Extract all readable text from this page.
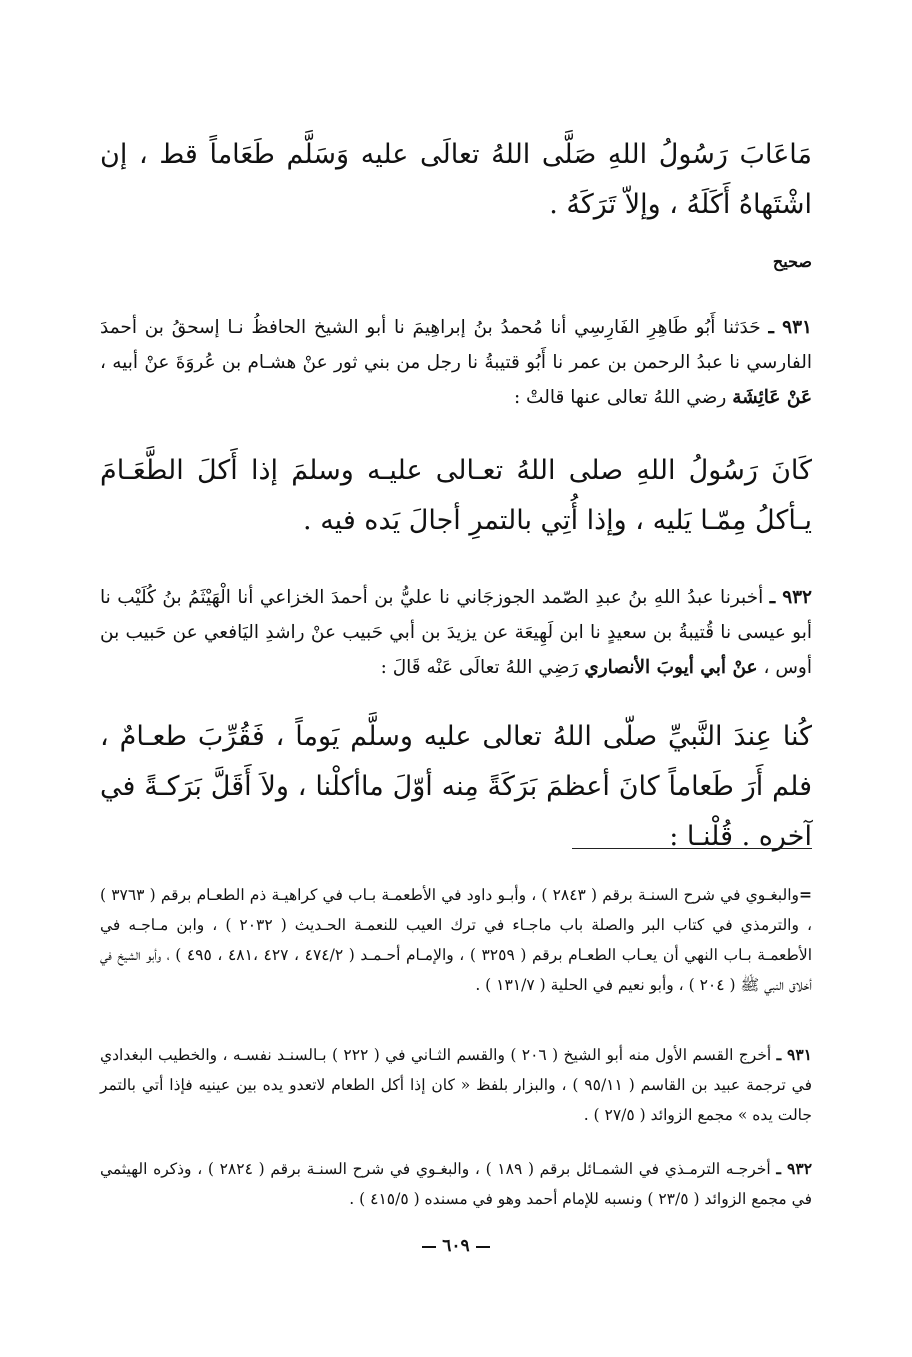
مَاعَابَ رَسُولُ اللهِ صَلَّى اللهُ تعالَى عليه وَسَلَّم طَعَاماً قط ، إن اشْتَهاهُ أَكَلَهُ ، وإلاّ تَرَكَهُ .

صحيح

٩٣١ ـ حَدَثنا أَبُو طَاهِرِ الفَارِسِي أنا مُحمدُ بنُ إبراهِيمَ نا أبو الشيخ الحافظُ نـا إسحقُ بن أحمدَ الفارسي نا عبدُ الرحمن بن عمر نا أَبُو قتيبةُ نا رجل من بني ثور عنْ هشـام بن عُروَةَ عنْ أبيه ، عَنْ عَائِشَة رضي اللهُ تعالى عنها قالتْ :

كَانَ رَسُولُ اللهِ صلى اللهُ تعـالى عليـه وسلمَ إذا أَكلَ الطَّعَـامَ يـأكلُ مِمّـا يَليه ، وإذا أُتِي بالتمرِ أجالَ يَده فيه .

٩٣٢ ـ أخبرنا عبدُ اللهِ بنُ عبدِ الصّمد الجوزجَاني نا عليُّ بن أحمدَ الخزاعي أنا الْهَيْثَمُ بنُ كُلَيْب نا أبو عيسى نا قُتيبةُ بن سعيدٍ نا ابن لَهِيعَة عن يزيدَ بن أبي حَبيب عنْ راشدِ اليَافعي عن حَبيب بن أوس ، عنْ أبي أيوبَ الأنصاري رَضِي اللهُ تعالَى عَنْه قَالَ :

كُنا عِندَ النَّبيِّ صلّى اللهُ تعالى عليه وسلَّم يَوماً ، فَقُرِّبَ طعـامٌ ، فلم أَرَ طَعاماً كانَ أعظمَ بَرَكَةً مِنه أوّلَ ماأكلْنا ، ولاَ أَقَلَّ بَرَكـةً في آخره . قُلْنـا :

=والبغـوي في شرح السنـة برقم ( ٢٨٤٣ ) ، وأبـو داود في الأطعمـة بـاب في كراهيـة ذم الطعـام برقم ( ٣٧٦٣ ) ، والترمذي في كتاب البر والصلة باب ماجـاء في ترك العيب للنعمـة الحـديث ( ٢٠٣٢ ) ، وابن مـاجـه في الأطعمـة بـاب النهي أن يعـاب الطعـام برقم ( ٣٢٥٩ ) ، والإمـام أحـمـد ( ٤٧٤/٢ ، ٤٢٧ ،٤٨١ ، ٤٩٥ ) ، وأبو الشيخ في أخلاق النبي ﷺ ( ٢٠٤ ) ، وأبو نعيم في الحلية ( ١٣١/٧ ) .

٩٣١ ـ أخرج القسم الأول منه أبو الشيخ ( ٢٠٦ ) والقسم الثـاني في ( ٢٢٢ ) بـالسنـد نفسـه ، والخطيب البغدادي في ترجمة عبيد بن القاسم ( ٩٥/١١ ) ، والبزار بلفظ « كان إذا أكل الطعام لاتعدو يده بين عينيه فإذا أتي بالتمر جالت يده » مجمع الزوائد ( ٢٧/٥ ) .

٩٣٢ ـ أخرجـه الترمـذي في الشمـائل برقم ( ١٨٩ ) ، والبغـوي في شرح السنـة برقم ( ٢٨٢٤ ) ، وذكره الهيثمي في مجمع الزوائد ( ٢٣/٥ ) ونسبه للإمام أحمد وهو في مسنده ( ٤١٥/٥ ) .

٦٠٩
